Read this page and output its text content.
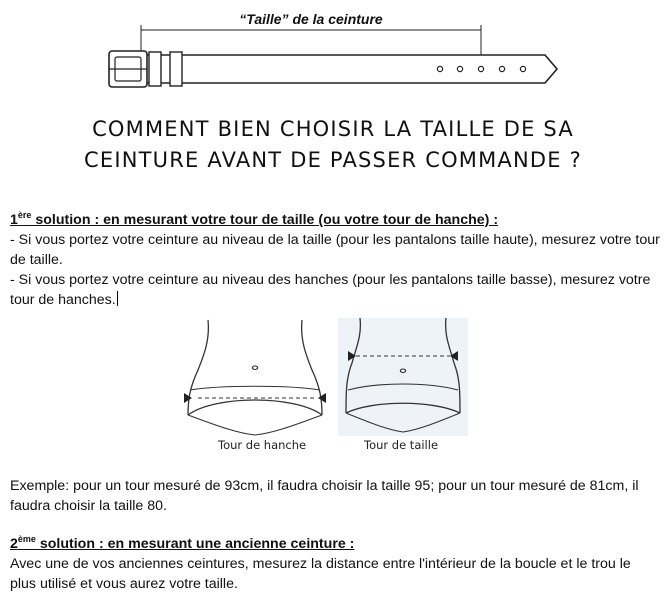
“Taille” de la ceinture
COMMENT BIEN CHOISIR LA TAILLE DE SA
CEINTURE AVANT DE PASSER COMMANDE ?
1ère solution : en mesurant votre tour de taille (ou votre tour de hanche) :
- Si vous portez votre ceinture au niveau de la taille (pour les pantalons taille haute), mesurez votre tour de taille.
- Si vous portez votre ceinture au niveau des hanches (pour les pantalons taille basse), mesurez votre tour de hanches.
ⴰ
Tour de hanche
ⴰ
Tour de taille
Exemple: pour un tour mesuré de 93cm, il faudra choisir la taille 95; pour un tour mesuré de 81cm, il faudra choisir la taille 80.
2ème solution : en mesurant une ancienne ceinture :
Avec une de vos anciennes ceintures, mesurez la distance entre l'intérieur de la boucle et le trou le plus utilisé et vous aurez votre taille.
